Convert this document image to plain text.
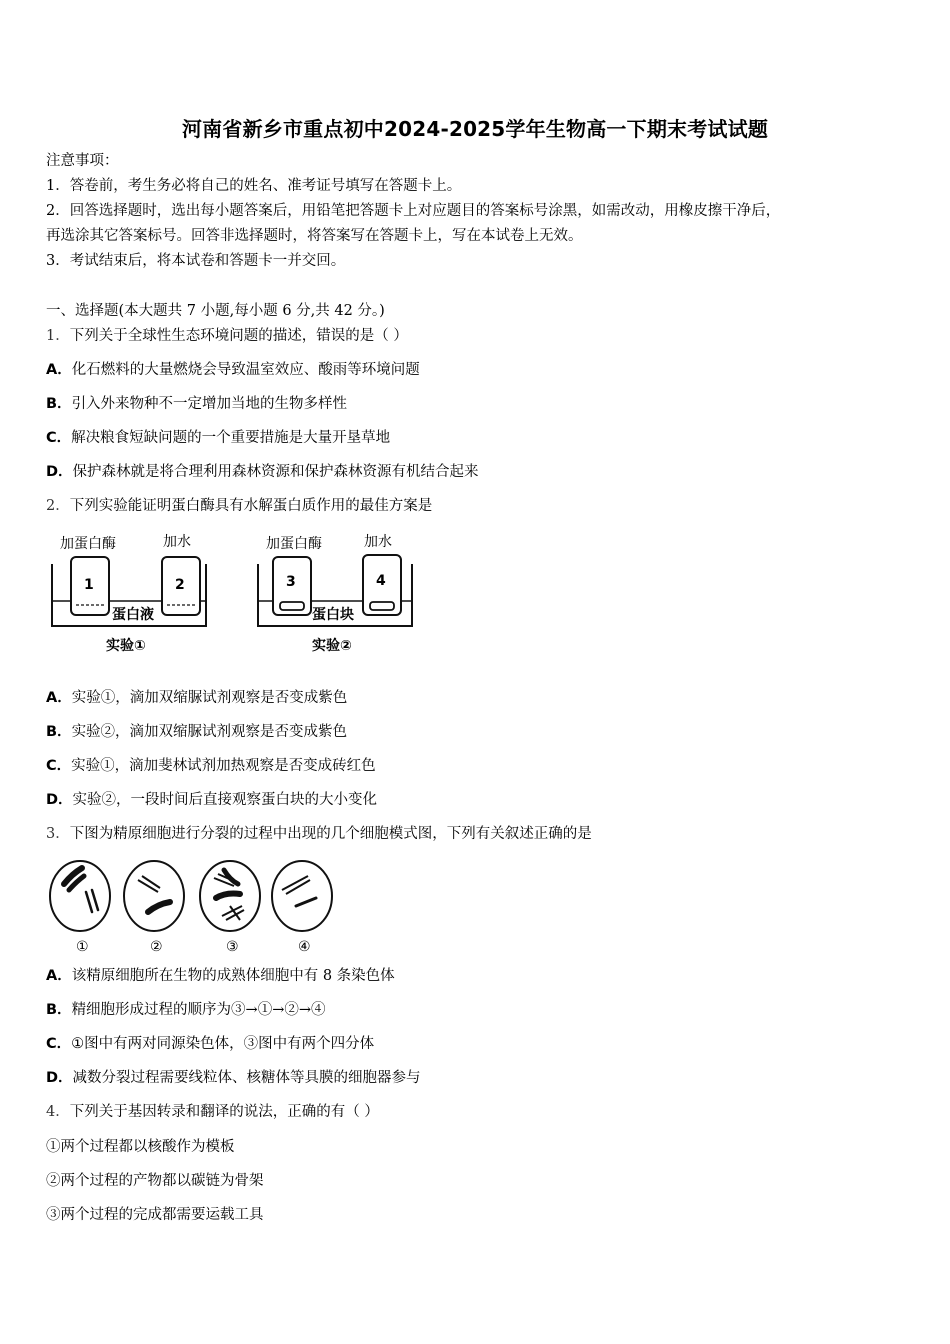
河南省新乡市重点初中2024-2025学年生物高一下期末考试试题
注意事项：
1．答卷前，考生务必将自己的姓名、准考证号填写在答题卡上。
2．回答选择题时，选出每小题答案后，用铅笔把答题卡上对应题目的答案标号涂黑，如需改动，用橡皮擦干净后，
再选涂其它答案标号。回答非选择题时，将答案写在答题卡上，写在本试卷上无效。
3．考试结束后，将本试卷和答题卡一并交回。
一、选择题(本大题共 7 小题,每小题 6 分,共 42 分。)
1．下列关于全球性生态环境问题的描述，错误的是（ ）
A．化石燃料的大量燃烧会导致温室效应、酸雨等环境问题
B．引入外来物种不一定增加当地的生物多样性
C．解决粮食短缺问题的一个重要措施是大量开垦草地
D．保护森林就是将合理利用森林资源和保护森林资源有机结合起来
2．下列实验能证明蛋白酶具有水解蛋白质作用的最佳方案是
加蛋白酶	加水
1	2
蛋白液
实验①
加蛋白酶	加水
3	4
蛋白块
实验②
A．实验①，滴加双缩脲试剂观察是否变成紫色
B．实验②，滴加双缩脲试剂观察是否变成紫色
C．实验①，滴加斐林试剂加热观察是否变成砖红色
D．实验②，一段时间后直接观察蛋白块的大小变化
3．下图为精原细胞进行分裂的过程中出现的几个细胞模式图，下列有关叙述正确的是
①	②	③	④
A．该精原细胞所在生物的成熟体细胞中有 8 条染色体
B．精细胞形成过程的顺序为③→①→②→④
C．①图中有两对同源染色体，③图中有两个四分体
D．减数分裂过程需要线粒体、核糖体等具膜的细胞器参与
4．下列关于基因转录和翻译的说法，正确的有（ ）
①两个过程都以核酸作为模板
②两个过程的产物都以碳链为骨架
③两个过程的完成都需要运载工具
